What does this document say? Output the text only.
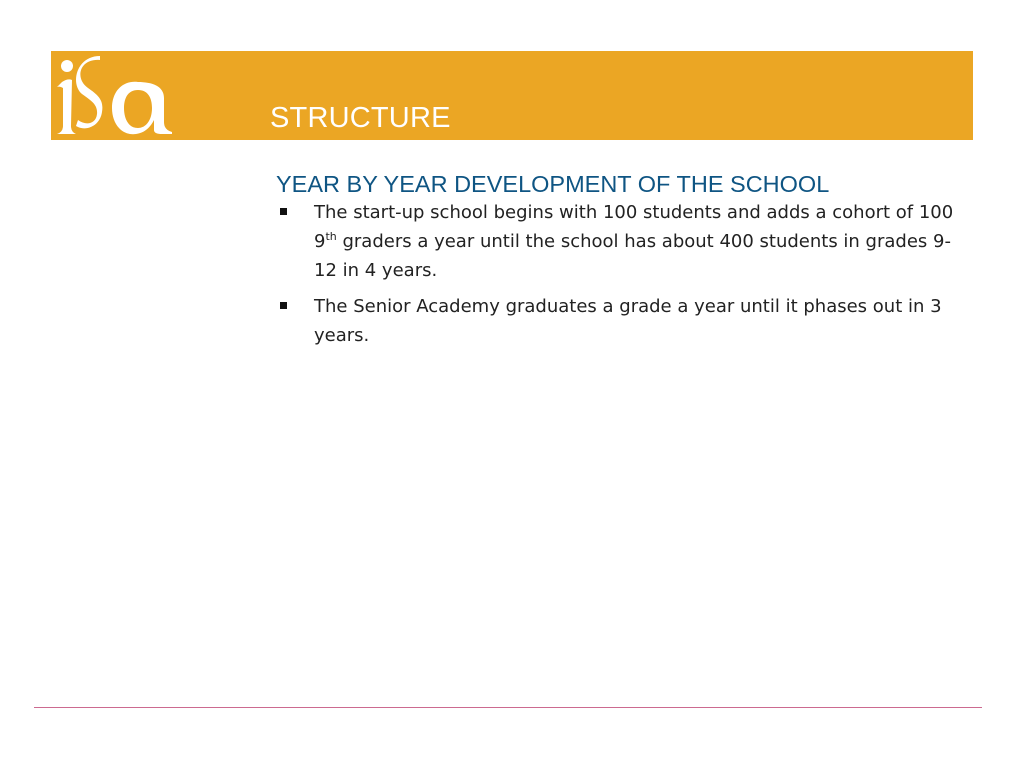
STRUCTURE
YEAR BY YEAR DEVELOPMENT OF THE SCHOOL
The start-up school begins with 100 students and adds a cohort of 100 9th graders a year until the school has about 400 students in grades 9-12 in 4 years.
The Senior Academy graduates a grade a year until it phases out in 3 years.
